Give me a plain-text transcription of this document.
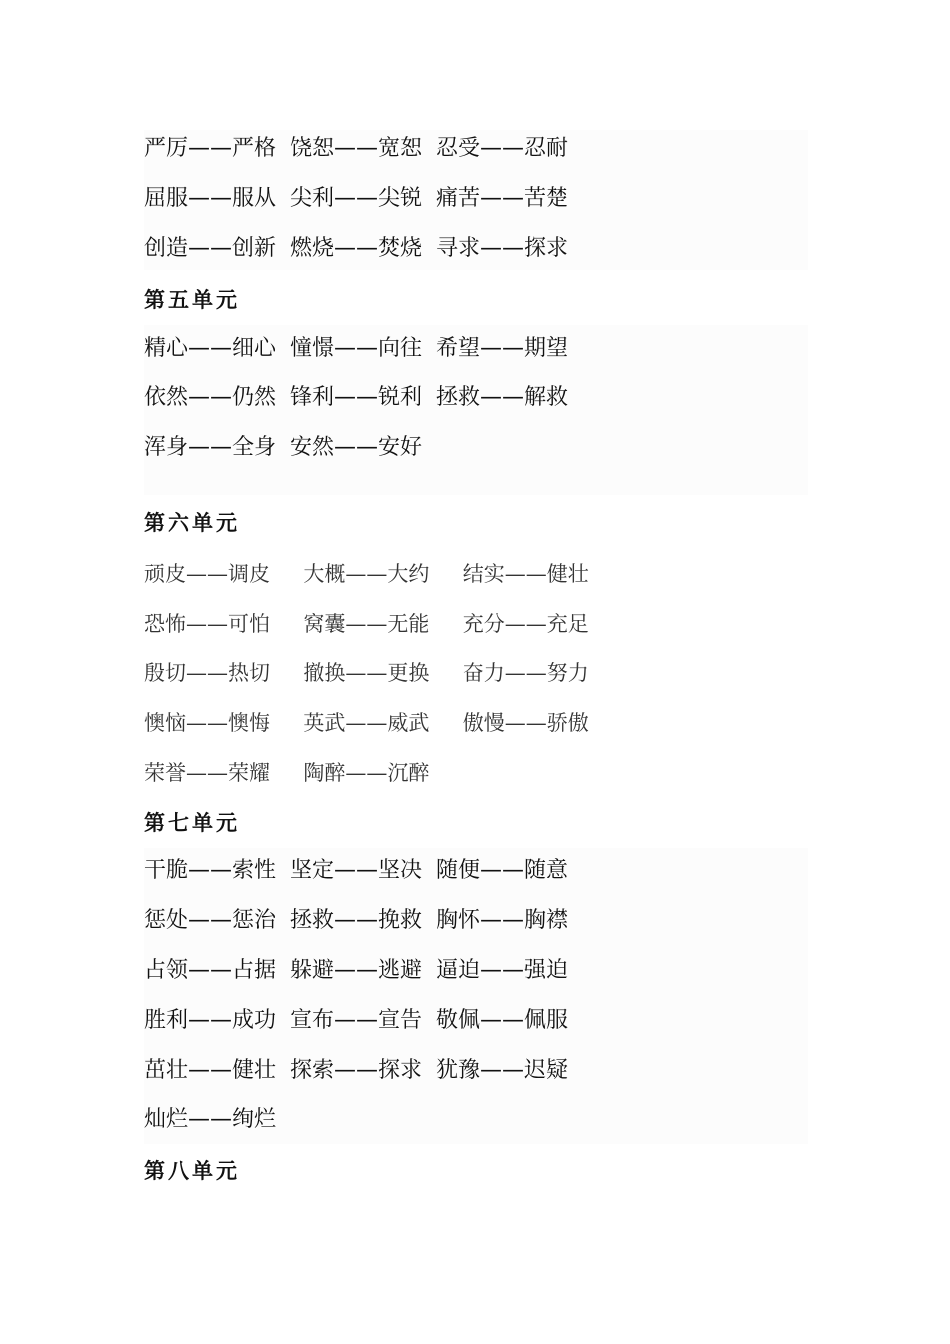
严厉——严格  饶恕——宽恕  忍受——忍耐
屈服——服从  尖利——尖锐  痛苦——苦楚
创造——创新  燃烧——焚烧  寻求——探求
第五单元
精心——细心  憧憬——向往  希望——期望
依然——仍然  锋利——锐利  拯救——解救
浑身——全身  安然——安好
第六单元
顽皮——调皮     大概——大约     结实——健壮
恐怖——可怕     窝囊——无能     充分——充足
殷切——热切     撤换——更换     奋力——努力
懊恼——懊悔     英武——威武     傲慢——骄傲
荣誉——荣耀     陶醉——沉醉
第七单元
干脆——索性  坚定——坚决  随便——随意
惩处——惩治  拯救——挽救  胸怀——胸襟
占领——占据  躲避——逃避  逼迫——强迫
胜利——成功  宣布——宣告  敬佩——佩服
茁壮——健壮  探索——探求  犹豫——迟疑
灿烂——绚烂
第八单元
